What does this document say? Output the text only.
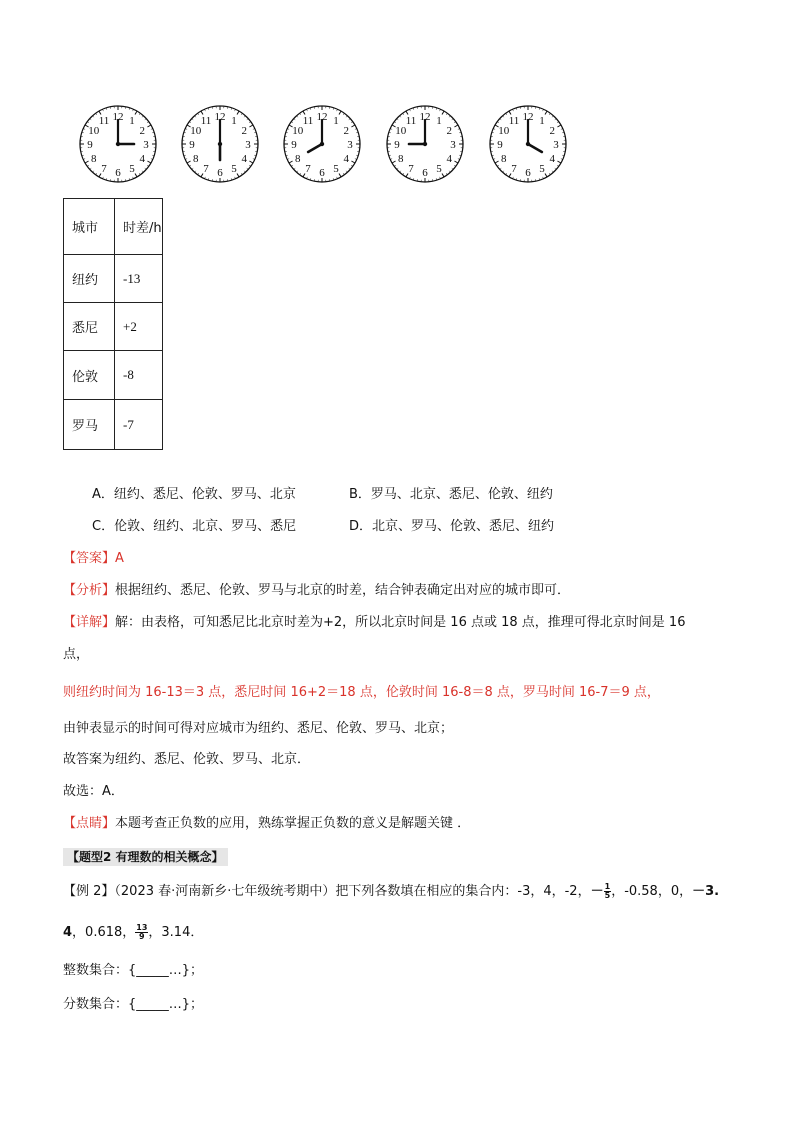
12 1
2
3
4
5
6
7
8
9
10
11	12 1
2
3
4
5
6
7
8
9
10
11	12 1
2
3
4
5
6
7
8
9
10
11	12 1
2
3
4
5
6
7
8
9
10
11	12 1
2
3
4
5
6
7
8
9
10
11
城市	时差/h
纽约	-13
悉尼	+2
伦敦	-8
罗马	-7
A．纽约、悉尼、伦敦、罗马、北京	B．罗马、北京、悉尼、伦敦、纽约
C．伦敦、纽约、北京、罗马、悉尼	D．北京、罗马、伦敦、悉尼、纽约
【答案】A
【分析】根据纽约、悉尼、伦敦、罗马与北京的时差，结合钟表确定出对应的城市即可．
【详解】解：由表格，可知悉尼比北京时差为+2，所以北京时间是 16 点或 18 点，推理可得北京时间是 16
点，
则纽约时间为 16-13＝3 点，悉尼时间 16+2＝18 点，伦敦时间 16-8＝8 点，罗马时间 16-7＝9 点，
由钟表显示的时间可得对应城市为纽约、悉尼、伦敦、罗马、北京；
故答案为纽约、悉尼、伦敦、罗马、北京．
故选：A．
【点睛】本题考查正负数的应用，熟练掌握正负数的意义是解题关键 ．
【题型2 有理数的相关概念】
【例 2】（2023 春·河南新乡·七年级统考期中）把下列各数填在相应的集合内：-3，4，-2，－ $\frac{1}{5}$ ，-0.58，0，－3.
4，0.618， $\frac{13}{9}$ ，3.14．
整数集合：{_____…}；
分数集合：{_____…}；
